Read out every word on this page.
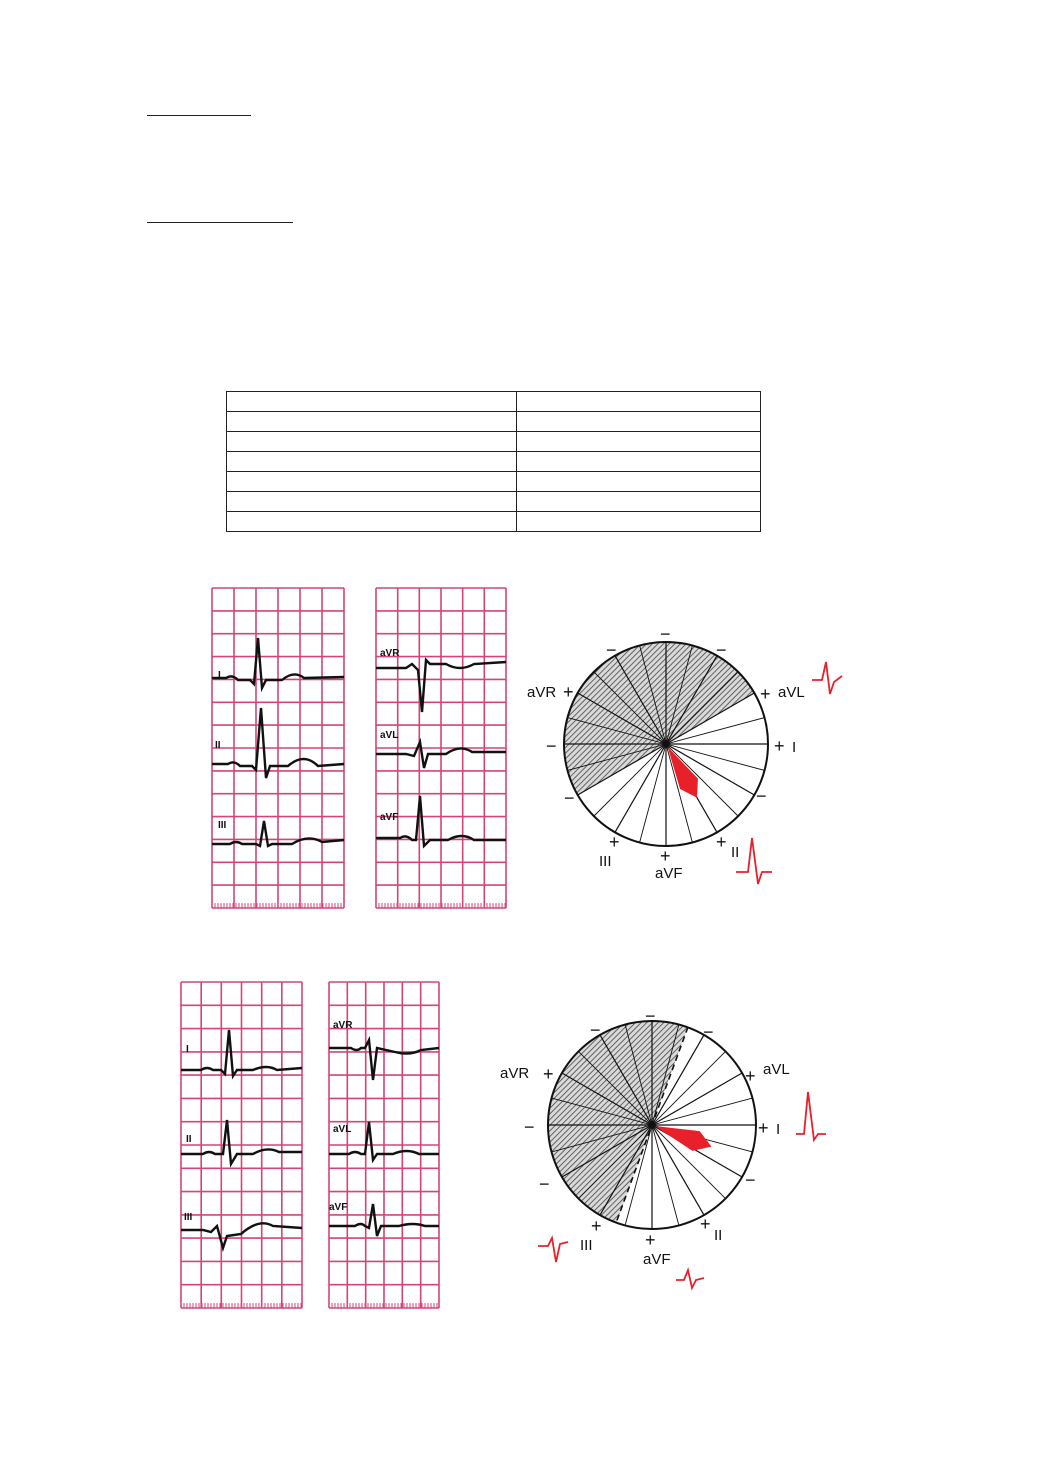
I
II
III
aVR
aVL
aVF
aVR +	+ aVL
+ I
−
−
−	−
−	−
+
III	+
aVF
+
II
I
II
III
aVR
aVL
aVF
aVR +	+ aVL
+ I
−
−
−	−
−	−
+
III	+
aVF
+
II
